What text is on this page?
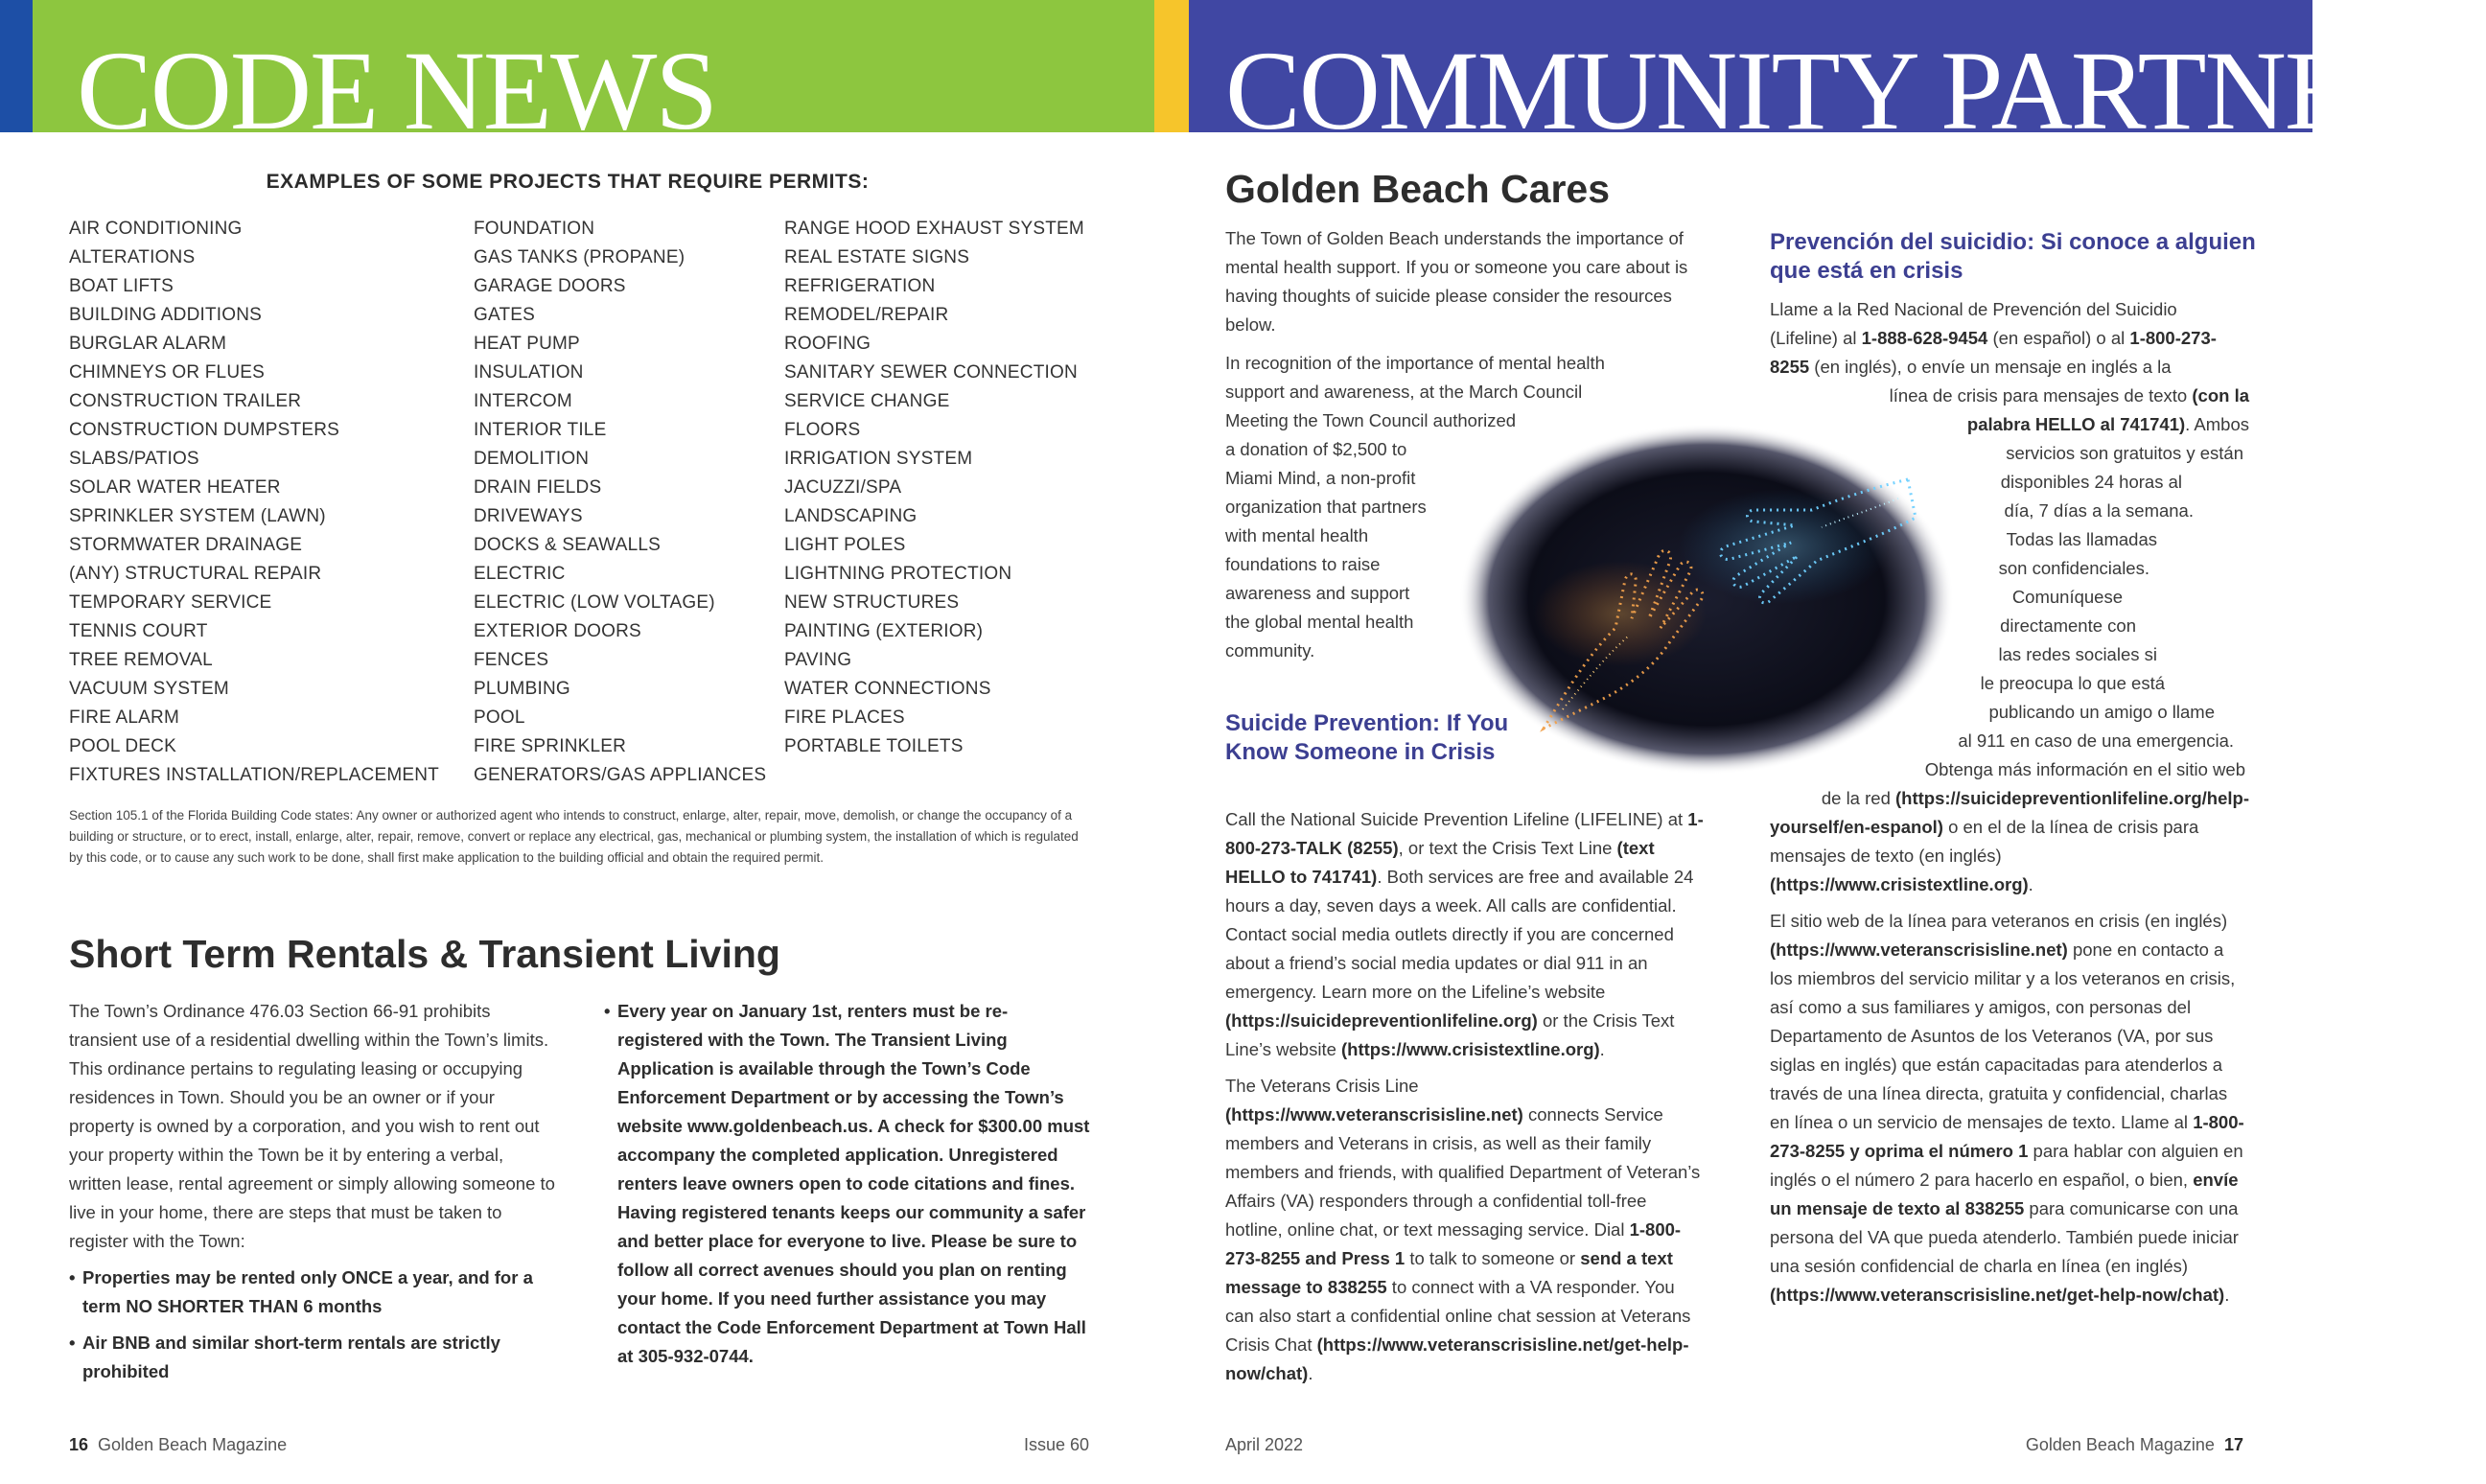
CODE NEWS	COMMUNITY PARTNERS
EXAMPLES OF SOME PROJECTS THAT REQUIRE PERMITS:
AIR CONDITIONING
ALTERATIONS
BOAT LIFTS
BUILDING ADDITIONS
BURGLAR ALARM
CHIMNEYS OR FLUES
CONSTRUCTION TRAILER
CONSTRUCTION DUMPSTERS
SLABS/PATIOS
SOLAR WATER HEATER
SPRINKLER SYSTEM (LAWN)
STORMWATER DRAINAGE
(ANY) STRUCTURAL REPAIR
TEMPORARY SERVICE
TENNIS COURT
TREE REMOVAL
VACUUM SYSTEM
FIRE ALARM
POOL DECK
FIXTURES INSTALLATION/REPLACEMENT
FOUNDATION
GAS TANKS (PROPANE)
GARAGE DOORS
GATES
HEAT PUMP
INSULATION
INTERCOM
INTERIOR TILE
DEMOLITION
DRAIN FIELDS
DRIVEWAYS
DOCKS & SEAWALLS
ELECTRIC
ELECTRIC (LOW VOLTAGE)
EXTERIOR DOORS
FENCES
PLUMBING
POOL
FIRE SPRINKLER
GENERATORS/GAS APPLIANCES
RANGE HOOD EXHAUST SYSTEM
REAL ESTATE SIGNS
REFRIGERATION
REMODEL/REPAIR
ROOFING
SANITARY SEWER CONNECTION
SERVICE CHANGE
FLOORS
IRRIGATION SYSTEM
JACUZZI/SPA
LANDSCAPING
LIGHT POLES
LIGHTNING PROTECTION
NEW STRUCTURES
PAINTING (EXTERIOR)
PAVING
WATER CONNECTIONS
FIRE PLACES
PORTABLE TOILETS
Section 105.1 of the Florida Building Code states: Any owner or authorized agent who intends to construct, enlarge, alter, repair, move, demolish, or change the occupancy of a building or structure, or to erect, install, enlarge, alter, repair, remove, convert or replace any electrical, gas, mechanical or plumbing system, the installation of which is regulated by this code, or to cause any such work to be done, shall first make application to the building official and obtain the required permit.
Short Term Rentals & Transient Living
The Town’s Ordinance 476.03 Section 66-91 prohibits transient use of a residential dwelling within the Town’s limits. This ordinance pertains to regulating leasing or occupying residences in Town. Should you be an owner or if your property is owned by a corporation, and you wish to rent out your property within the Town be it by entering a verbal, written lease, rental agreement or simply allowing someone to live in your home, there are steps that must be taken to register with the Town:
• Properties may be rented only ONCE a year, and for a term NO SHORTER THAN 6 months
• Air BNB and similar short-term rentals are strictly prohibited
• Every year on January 1st, renters must be re-registered with the Town. The Transient Living Application is available through the Town’s Code Enforcement Department or by accessing the Town’s website www.goldenbeach.us. A check for $300.00 must accompany the completed application. Unregistered renters leave owners open to code citations and fines. Having registered tenants keeps our community a safer and better place for everyone to live. Please be sure to follow all correct avenues should you plan on renting your home. If you need further assistance you may contact the Code Enforcement Department at Town Hall at 305-932-0744.
Golden Beach Cares

The Town of Golden Beach understands the importance of mental health support. If you or someone you care about is having thoughts of suicide please consider the resources below.

In recognition of the importance of mental health
support and awareness, at the March Council
Meeting the Town Council authorized
a donation of $2,500 to
Miami Mind, a non-profit
organization that partners
with mental health
foundations to raise
awareness and support
the global mental health
community.
Suicide Prevention: If You Know Someone in Crisis

Call the National Suicide Prevention Lifeline (LIFELINE) at 1-800-273-TALK (8255), or text the Crisis Text Line (text HELLO to 741741). Both services are free and available 24 hours a day, seven days a week. All calls are confidential. Contact social media outlets directly if you are concerned about a friend’s social media updates or dial 911 in an emergency. Learn more on the Lifeline’s website (https://suicidepreventionlifeline.org) or the Crisis Text Line’s website (https://www.crisistextline.org).

The Veterans Crisis Line (https://www.veteranscrisisline.net) connects Service members and Veterans in crisis, as well as their family members and friends, with qualified Department of Veteran’s Affairs (VA) responders through a confidential toll-free hotline, online chat, or text messaging service. Dial 1-800-273-8255 and Press 1 to talk to someone or send a text message to 838255 to connect with a VA responder. You can also start a confidential online chat session at Veterans Crisis Chat (https://www.veteranscrisisline.net/get-help-now/chat).

Prevención del suicidio: Si conoce a alguien que está en crisis
Llame a la Red Nacional de Prevención del Suicidio (Lifeline) al 1-888-628-9454 (en español) o al 1-800-273-8255 (en inglés), o envíe un mensaje en inglés a la
línea de crisis para mensajes de texto (con la
palabra HELLO al 741741). Ambos
servicios son gratuitos y están
disponibles 24 horas al
día, 7 días a la semana.
Todas las llamadas
son confidenciales.
Comuníquese
directamente con
las redes sociales si
le preocupa lo que está
publicando un amigo o llame
al 911 en caso de una emergencia.
Obtenga más información en el sitio web
de la red (https://suicidepreventionlifeline.org/help-
yourself/en-espanol) o en el de la línea de crisis para mensajes de texto (en inglés) (https://www.crisistextline.org).
El sitio web de la línea para veteranos en crisis (en inglés) (https://www.veteranscrisisline.net) pone en contacto a los miembros del servicio militar y a los veteranos en crisis, así como a sus familiares y amigos, con personas del Departamento de Asuntos de los Veteranos (VA, por sus siglas en inglés) que están capacitadas para atenderlos a través de una línea directa, gratuita y confidencial, charlas en línea o un servicio de mensajes de texto. Llame al 1-800-273-8255 y oprima el número 1 para hablar con alguien en inglés o el número 2 para hacerlo en español, o bien, envíe un mensaje de texto al 838255 para comunicarse con una persona del VA que pueda atenderlo. También puede iniciar una sesión confidencial de charla en línea (en inglés) (https://www.veteranscrisisline.net/get-help-now/chat).
16 Golden Beach Magazine	Issue 60	April 2022	Golden Beach Magazine 17
